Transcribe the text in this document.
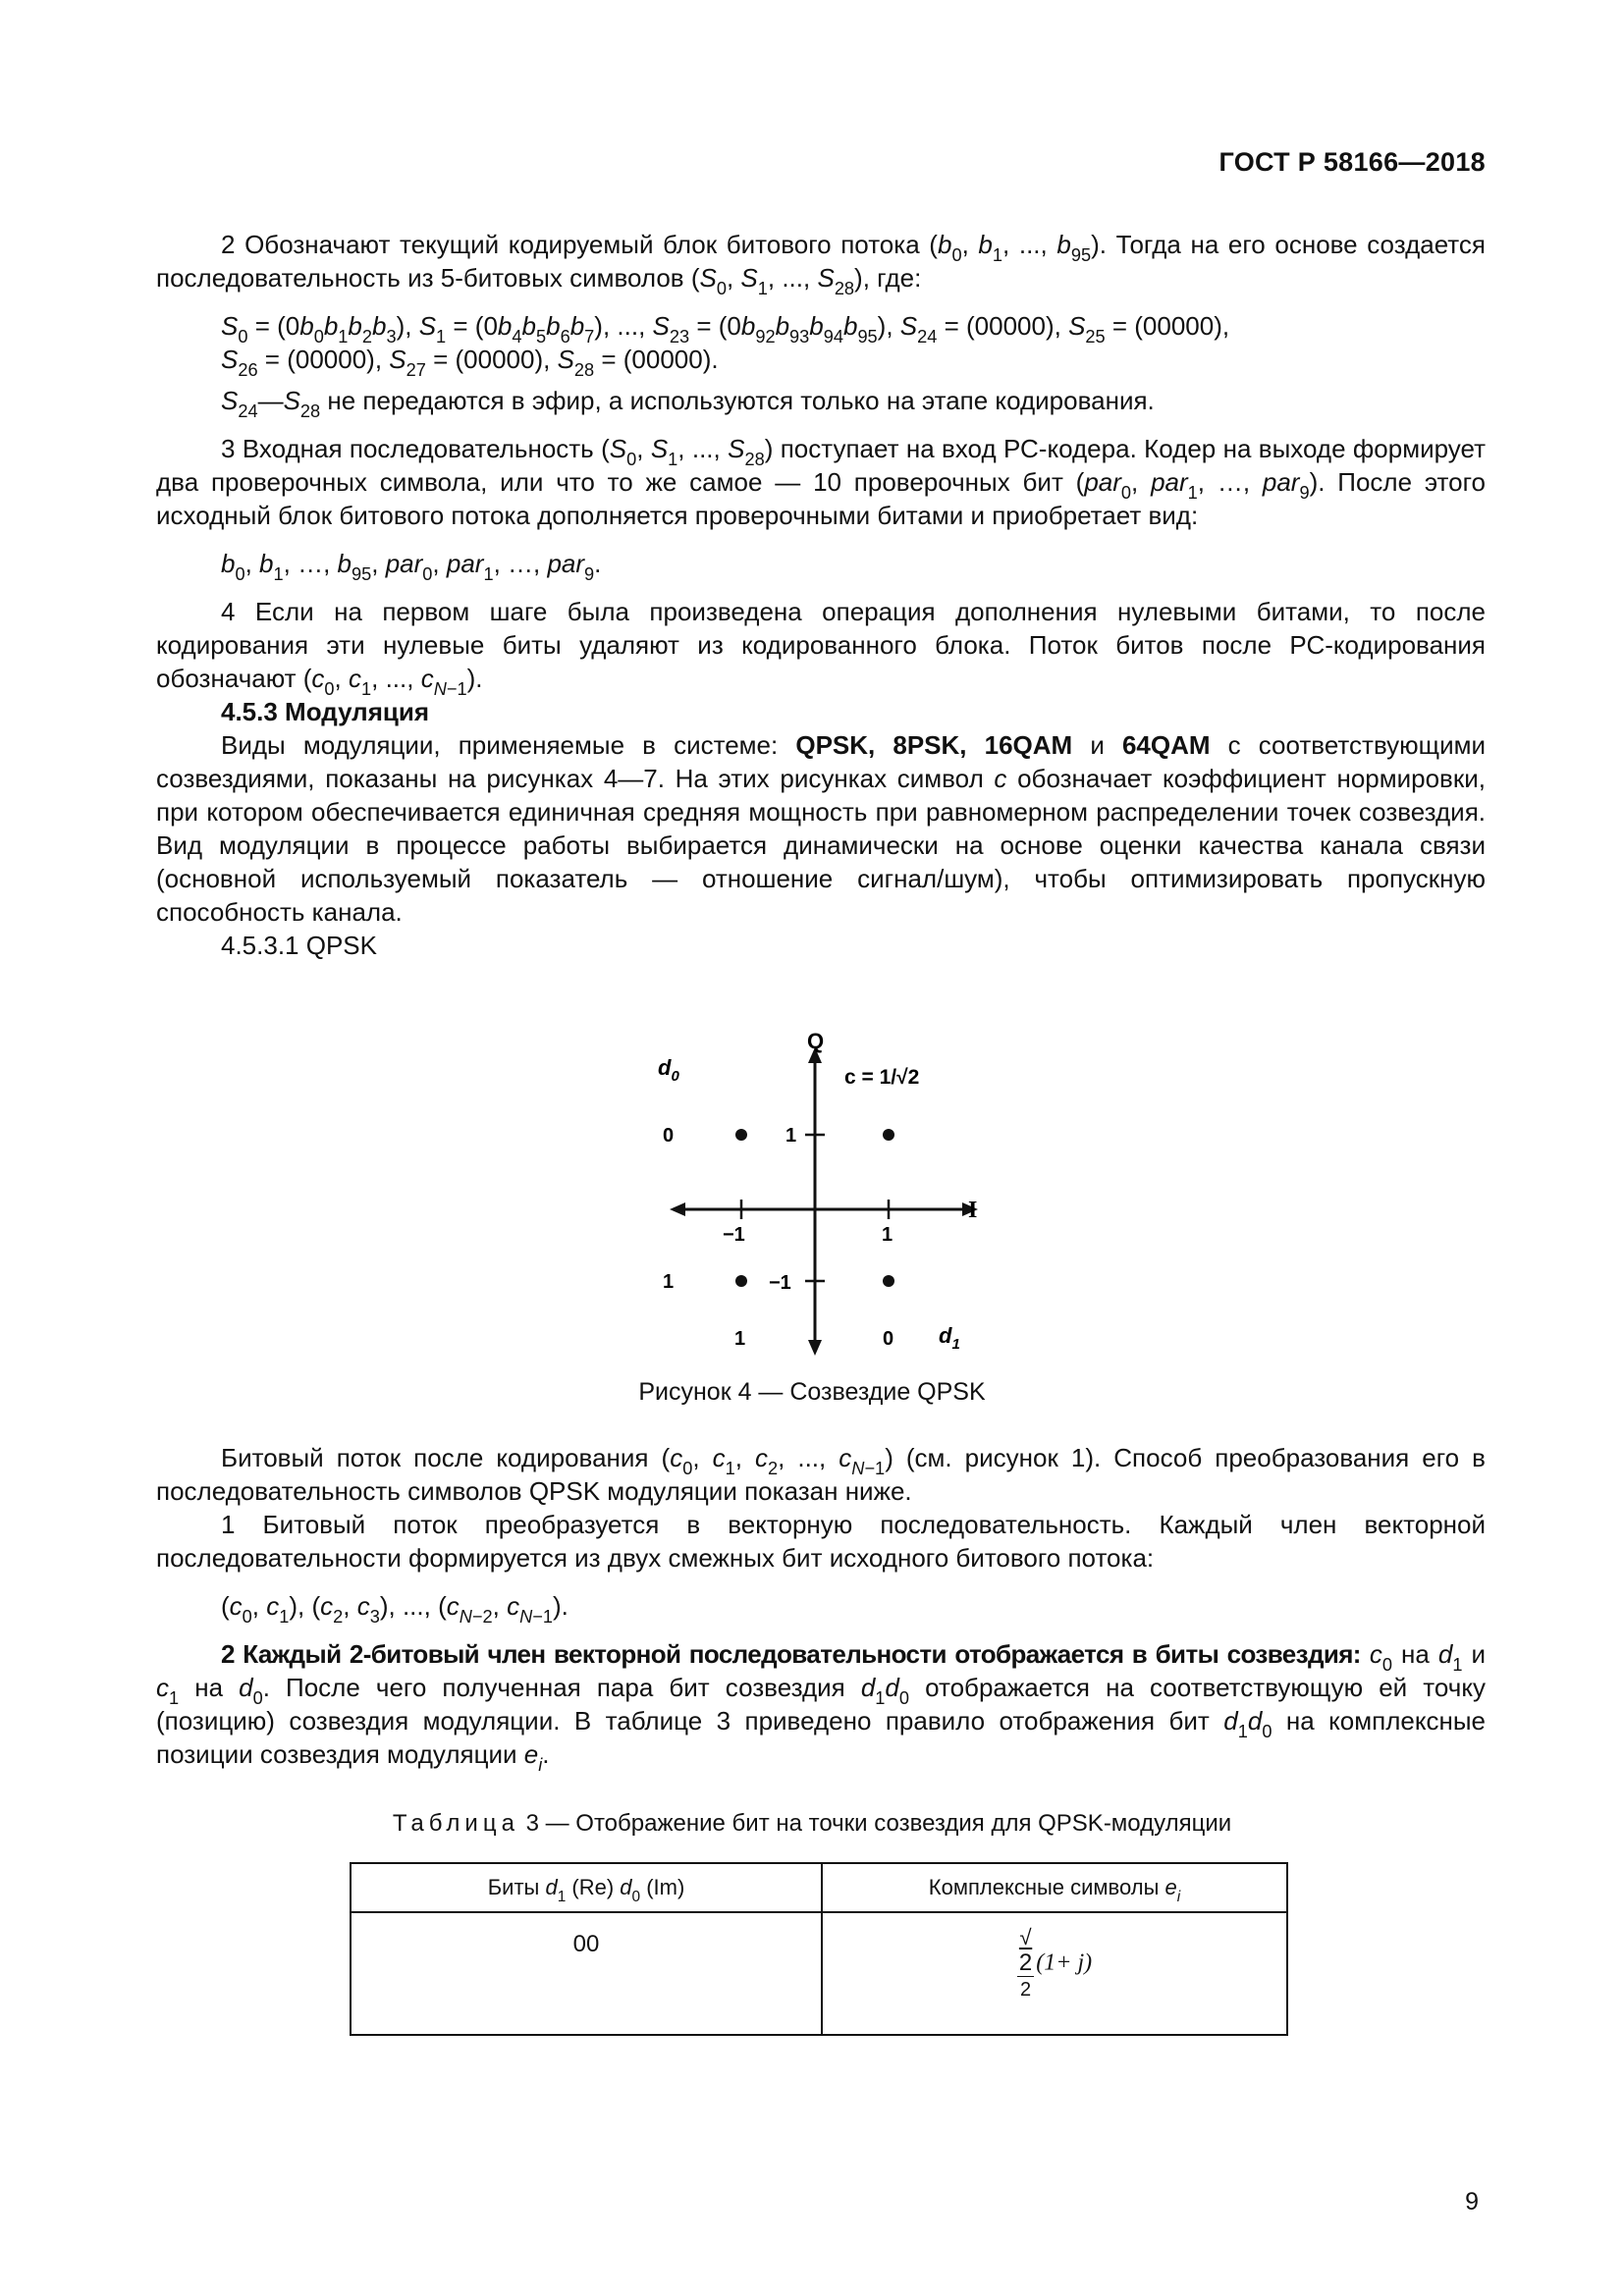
ГОСТ Р 58166—2018

2 Обозначают текущий кодируемый блок битового потока ($b_0$, $b_1$, ..., $b_{95}$). Тогда на его основе создается последовательность из 5-битовых символов ($S_0$, $S_1$, ..., $S_{28}$), где:

$S_0 = (0b_0b_1b_2b_3)$, $S_1 = (0b_4b_5b_6b_7)$, ..., $S_{23} = (0b_{92}b_{93}b_{94}b_{95})$, $S_{24} = (00000)$, $S_{25} = (00000)$,
$S_{26} = (00000)$, $S_{27} = (00000)$, $S_{28} = (00000)$.

$S_{24}—S_{28}$ не передаются в эфир, а используются только на этапе кодирования.

3 Входная последовательность ($S_0$, $S_1$, ..., $S_{28}$) поступает на вход РС-кодера. Кодер на выходе формирует два проверочных символа, или что то же самое — 10 проверочных бит (par$_0$, par$_1$, …, par$_9$). После этого исходный блок битового потока дополняется проверочными битами и приобретает вид:

$b_0$, $b_1$, …, $b_{95}$, par$_0$, par$_1$, …, par$_9$.

4 Если на первом шаге была произведена операция дополнения нулевыми битами, то после кодирования эти нулевые биты удаляют из кодированного блока. Поток битов после РС-кодирования обозначают ($c_0$, $c_1$, ..., $c_{N-1}$).

4.5.3 Модуляция

Виды модуляции, применяемые в системе: QPSK, 8PSK, 16QAM и 64QAM с соответствующими созвездиями, показаны на рисунках 4—7. На этих рисунках символ c обозначает коэффициент нормировки, при котором обеспечивается единичная средняя мощность при равномерном распределении точек созвездия. Вид модуляции в процессе работы выбирается динамически на основе оценки качества канала связи (основной используемый показатель — отношение сигнал/шум), чтобы оптимизировать пропускную способность канала.

4.5.3.1 QPSK

Q
I
c = 1/√2
$d_0$
$d_1$
1
−1
1
−1
0
1
1	0
Рисунок 4 — Созвездие QPSK

Битовый поток после кодирования ($c_0$, $c_1$, $c_2$, ..., $c_{N-1}$) (см. рисунок 1). Способ преобразования его в последовательность символов QPSK модуляции показан ниже.

1 Битовый поток преобразуется в векторную последовательность. Каждый член векторной последовательности формируется из двух смежных бит исходного битового потока:

($c_0$, $c_1$), ($c_2$, $c_3$), ..., ($c_{N-2}$, $c_{N-1}$).

2 Каждый 2-битовый член векторной последовательности отображается в биты созвездия: $c_0$ на $d_1$ и $c_1$ на $d_0$. После чего полученная пара бит созвездия $d_1d_0$ отображается на соответствующую ей точку (позицию) созвездия модуляции. В таблице 3 приведено правило отображения бит $d_1d_0$ на комплексные позиции созвездия модуляции $e_i$.

Таблица 3 — Отображение бит на точки созвездия для QPSK-модуляции
Биты $d_1$ (Re) $d_0$ (Im)	Комплексные символы $e_i$
00	√
2
2 (1+ j)
9
